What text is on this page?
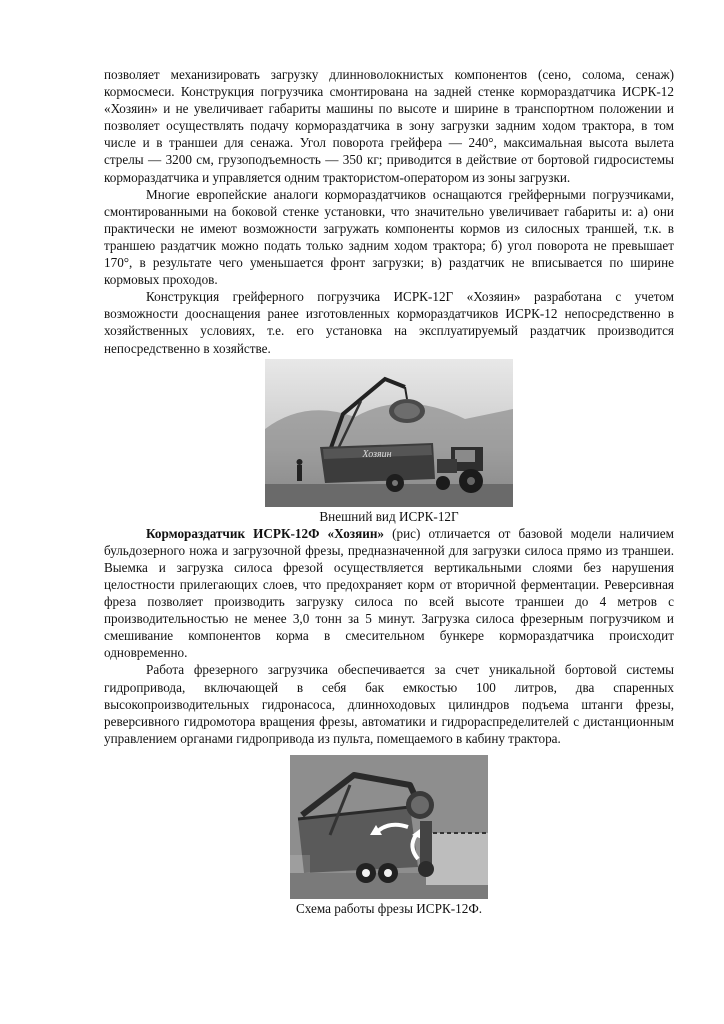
позволяет механизировать загрузку длинноволокнистых компонентов (сено, солома, сенаж) кормосмеси. Конструкция погрузчика смонтирована на задней стенке кормораздатчика ИСРК-12 «Хозяин» и не увеличивает габариты машины по высоте и ширине в транспортном положении и позволяет осуществлять подачу кормораздатчика в зону загрузки задним ходом трактора, в том числе и в траншеи для сенажа. Угол поворота грейфера — 240°, максимальная высота вылета стрелы — 3200 см, грузоподъемность — 350 кг; приводится в действие от бортовой гидросистемы кормораздатчика и управляется одним трактористом-оператором из зоны загрузки.

Многие европейские аналоги кормораздатчиков оснащаются грейферными погрузчиками, смонтированными на боковой стенке установки, что значительно увеличивает габариты и: а) они практически не имеют возможности загружать компоненты кормов из силосных траншей, т.к. в траншею раздатчик можно подать только задним ходом трактора; б) угол поворота не превышает 170°, в результате чего уменьшается фронт загрузки; в) раздатчик не вписывается по ширине кормовых проходов.

Конструкция грейферного погрузчика ИСРК-12Г «Хозяин» разработана с учетом возможности дооснащения ранее изготовленных кормораздатчиков ИСРК-12 непосредственно в хозяйственных условиях, т.е. его установка на эксплуатируемый раздатчик производится непосредственно в хозяйстве.

Хозяин
Внешний вид ИСРК-12Г

Кормораздатчик ИСРК-12Ф «Хозяин» (рис) отличается от базовой модели наличием бульдозерного ножа и загрузочной фрезы, предназначенной для загрузки силоса прямо из траншеи. Выемка и загрузка силоса фрезой осуществляется вертикальными слоями без нарушения целостности прилегающих слоев, что предохраняет корм от вторичной ферментации. Реверсивная фреза позволяет производить загрузку силоса по всей высоте траншеи до 4 метров с производительностью не менее 3,0 тонн за 5 минут. Загрузка силоса фрезерным погрузчиком и смешивание компонентов корма в смесительном бункере кормораздатчика происходит одновременно.

Работа фрезерного загрузчика обеспечивается за счет уникальной бортовой системы гидропривода, включающей в себя бак емкостью 100 литров, два спаренных высокопроизводительных гидронасоса, длинноходовых цилиндров подъема штанги фрезы, реверсивного гидромотора вращения фрезы, автоматики и гидрораспределителей с дистанционным управлением органами гидропривода из пульта, помещаемого в кабину трактора.

Схема работы фрезы ИСРК-12Ф.
